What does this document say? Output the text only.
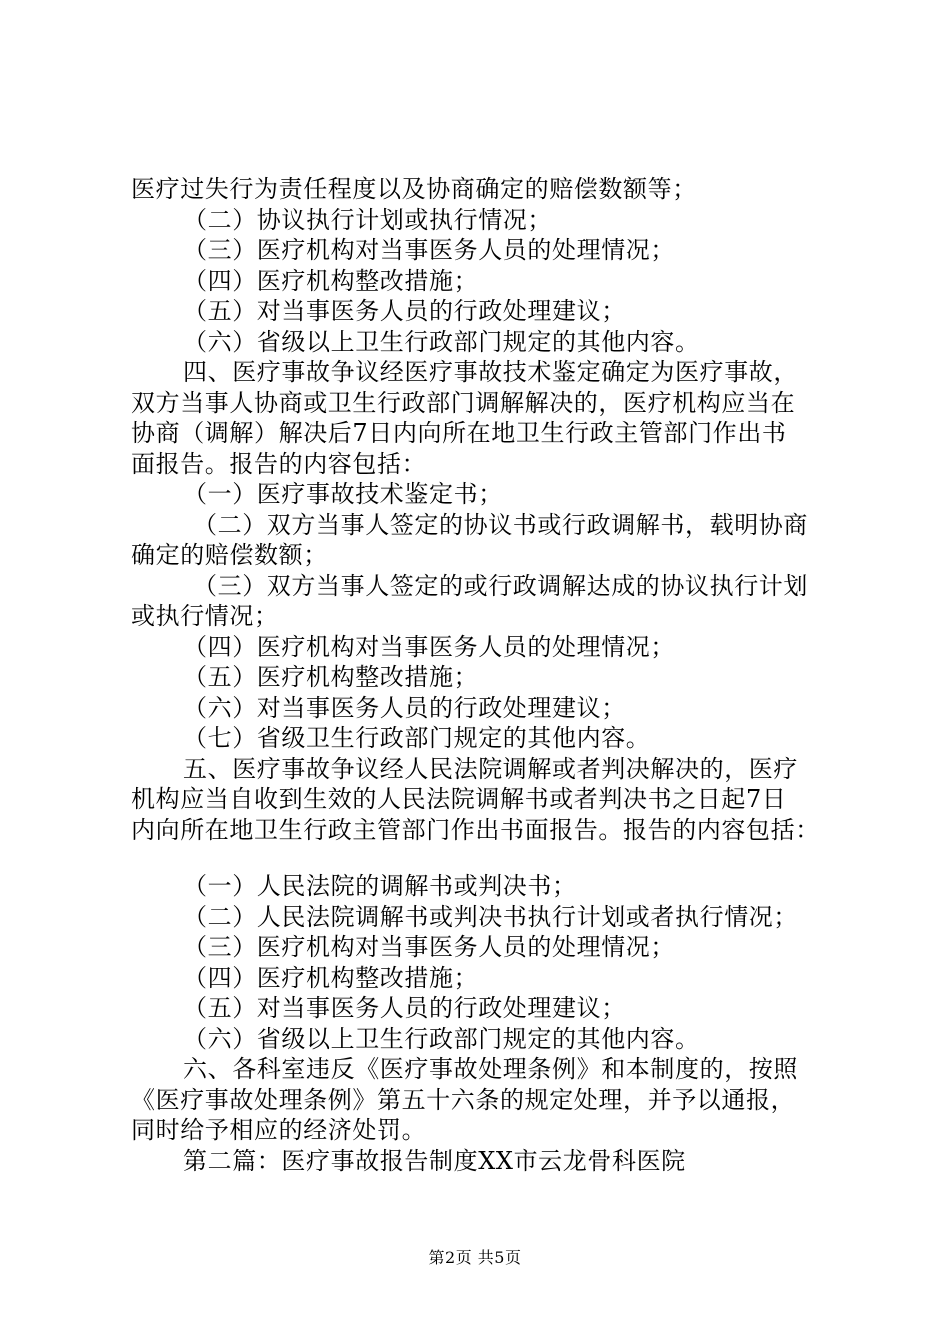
医疗过失行为责任程度以及协商确定的赔偿数额等；
（二）协议执行计划或执行情况；
（三）医疗机构对当事医务人员的处理情况；
（四）医疗机构整改措施；
（五）对当事医务人员的行政处理建议；
（六）省级以上卫生行政部门规定的其他内容。
四、医疗事故争议经医疗事故技术鉴定确定为医疗事故，
双方当事人协商或卫生行政部门调解解决的，医疗机构应当在
协商（调解）解决后7日内向所在地卫生行政主管部门作出书
面报告。报告的内容包括：
（一）医疗事故技术鉴定书；
（二）双方当事人签定的协议书或行政调解书，载明协商
确定的赔偿数额；
（三）双方当事人签定的或行政调解达成的协议执行计划
或执行情况；
（四）医疗机构对当事医务人员的处理情况；
（五）医疗机构整改措施；
（六）对当事医务人员的行政处理建议；
（七）省级卫生行政部门规定的其他内容。
五、医疗事故争议经人民法院调解或者判决解决的，医疗
机构应当自收到生效的人民法院调解书或者判决书之日起7日
内向所在地卫生行政主管部门作出书面报告。报告的内容包括：
（一）人民法院的调解书或判决书；
（二）人民法院调解书或判决书执行计划或者执行情况；
（三）医疗机构对当事医务人员的处理情况；
（四）医疗机构整改措施；
（五）对当事医务人员的行政处理建议；
（六）省级以上卫生行政部门规定的其他内容。
六、各科室违反《医疗事故处理条例》和本制度的，按照
《医疗事故处理条例》第五十六条的规定处理，并予以通报，
同时给予相应的经济处罚。
第二篇：医疗事故报告制度XX市云龙骨科医院
第2页 共5页
